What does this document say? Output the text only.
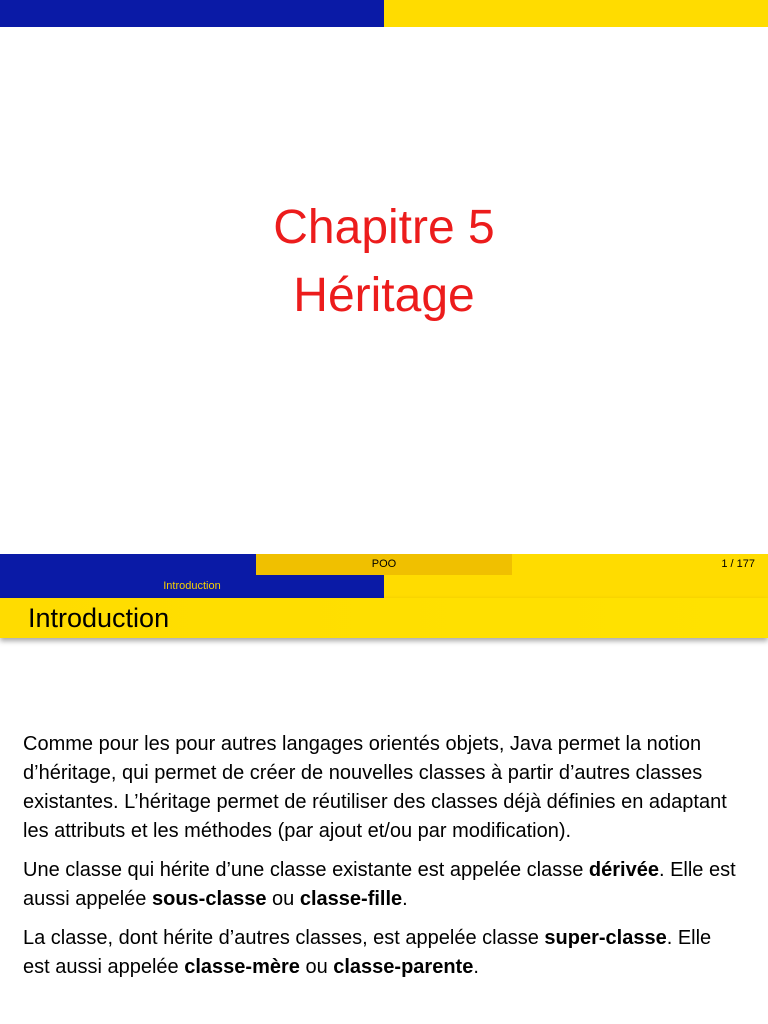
Chapitre 5
Héritage
POO	1 / 177
Introduction
Introduction

Comme pour les pour autres langages orientés objets, Java permet la notion d’héritage, qui permet de créer de nouvelles classes à partir d’autres classes existantes. L’héritage permet de réutiliser des classes déjà définies en adaptant les attributs et les méthodes (par ajout et/ou par modification).

Une classe qui hérite d’une classe existante est appelée classe dérivée. Elle est aussi appelée sous-classe ou classe-fille.

La classe, dont hérite d’autres classes, est appelée classe super-classe. Elle est aussi appelée classe-mère ou classe-parente.
